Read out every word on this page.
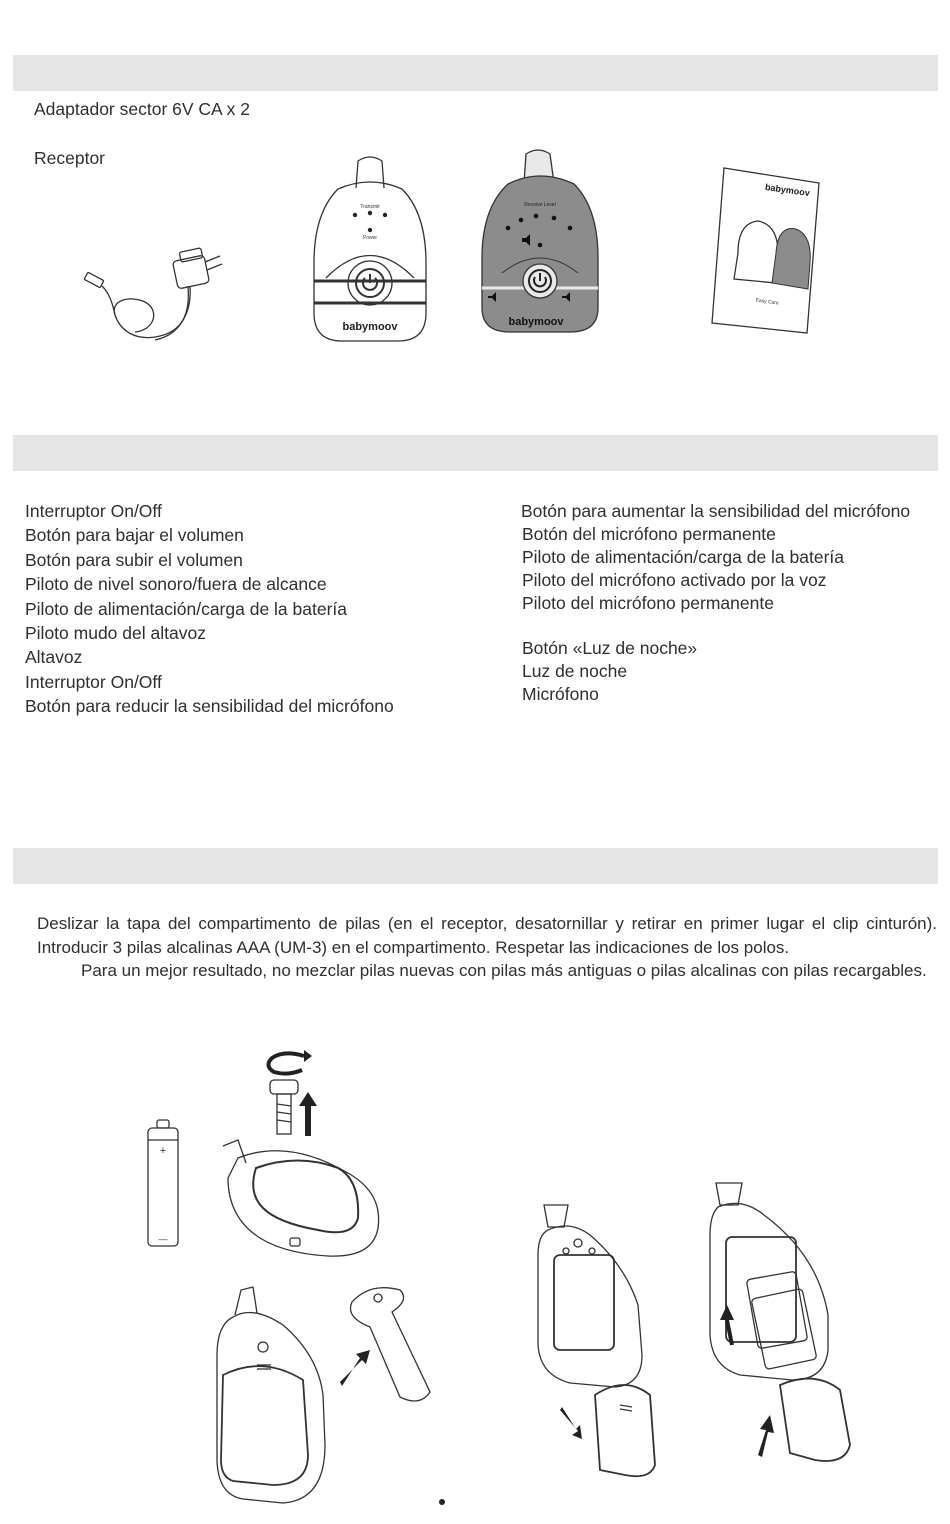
Adaptador sector 6V CA x 2
Receptor
Transmit
Power
babymoov
Receive Level
babymoov
babymoov
Easy Care
Interruptor On/Off
Botón para bajar el volumen
Botón para subir el volumen
Piloto de nivel sonoro/fuera de alcance
Piloto de alimentación/carga de la batería
Piloto mudo del altavoz
Altavoz
Interruptor On/Off
Botón para reducir la sensibilidad del micrófono
Botón para aumentar la sensibilidad del micrófono
Botón del micrófono permanente
Piloto de alimentación/carga de la batería
Piloto del micrófono activado por la voz
Piloto del micrófono permanente
Botón «Luz de noche»
Luz de noche
Micrófono

Deslizar la tapa del compartimento de pilas (en el receptor, desatornillar y retirar en primer lugar el clip cinturón). Introducir 3 pilas alcalinas AAA (UM-3) en el compartimento. Respetar las indicaciones de los polos.

Para un mejor resultado, no mezclar pilas nuevas con pilas más antiguas o pilas alcalinas con pilas recargables.

+
—
